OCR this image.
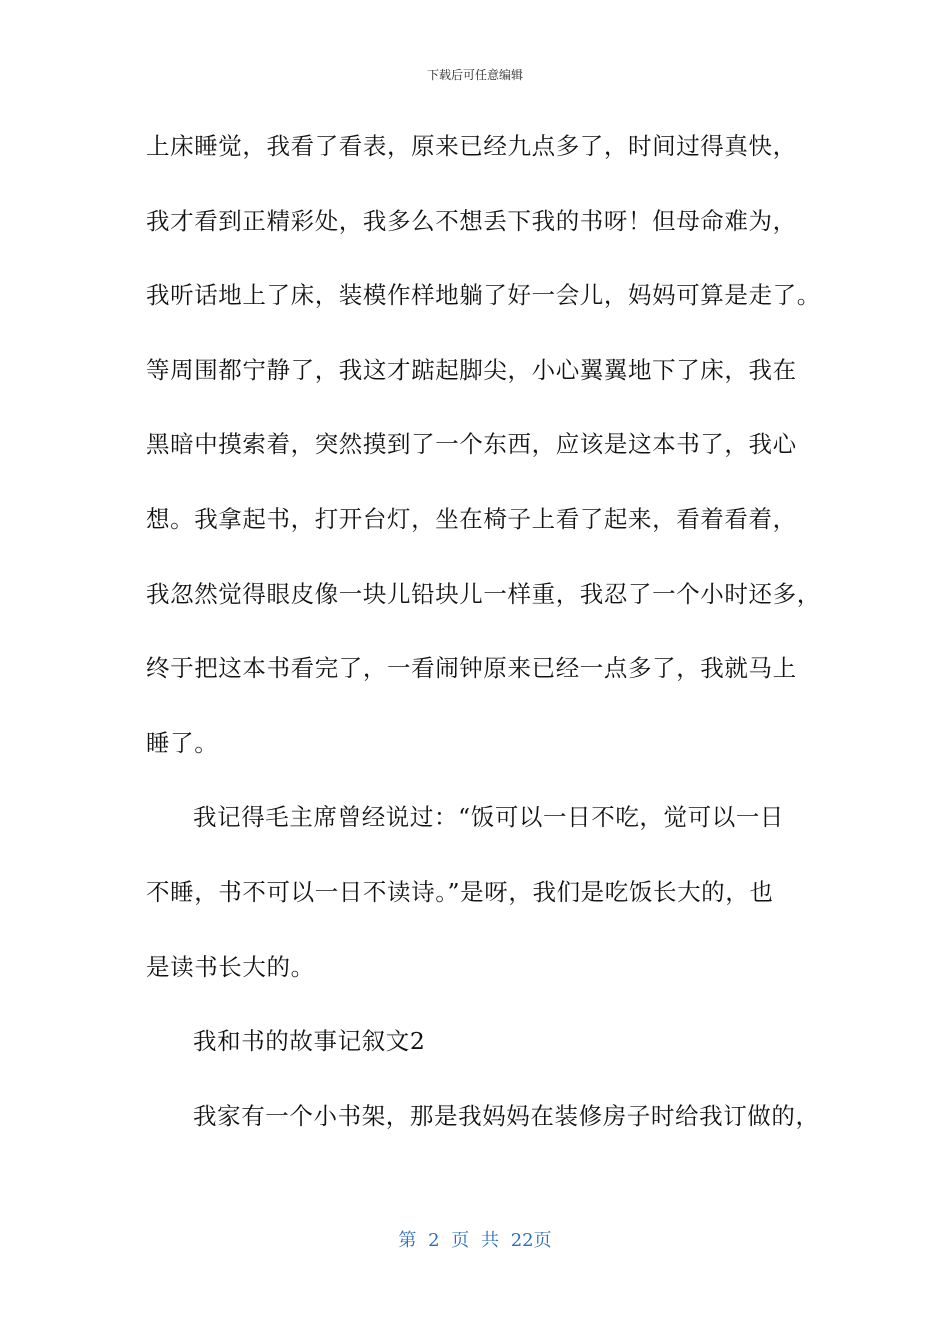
下载后可任意编辑
上床睡觉，我看了看表，原来已经九点多了，时间过得真快，
我才看到正精彩处，我多么不想丢下我的书呀！但母命难为，
我听话地上了床，装模作样地躺了好一会儿，妈妈可算是走了。
等周围都宁静了，我这才踮起脚尖，小心翼翼地下了床，我在
黑暗中摸索着，突然摸到了一个东西，应该是这本书了，我心
想。我拿起书，打开台灯，坐在椅子上看了起来，看着看着，
我忽然觉得眼皮像一块儿铅块儿一样重，我忍了一个小时还多，
终于把这本书看完了，一看闹钟原来已经一点多了，我就马上
睡了。
我记得毛主席曾经说过：“饭可以一日不吃，觉可以一日
不睡，书不可以一日不读诗。”是呀，我们是吃饭长大的，也
是读书长大的。
我和书的故事记叙文2
我家有一个小书架，那是我妈妈在装修房子时给我订做的，
第 2 页 共 22页
